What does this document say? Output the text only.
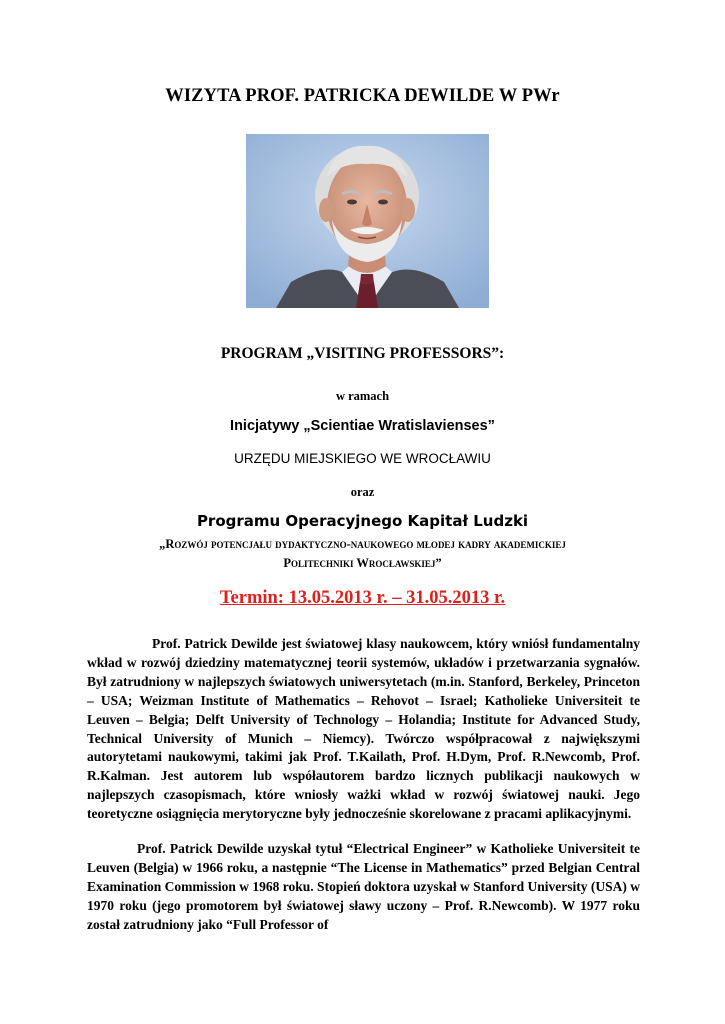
WIZYTA PROF. PATRICKA DEWILDE W PWr
PROGRAM „VISITING PROFESSORS”:
w ramach
Inicjatywy „Scientiae Wratislavienses”
URZĘDU MIEJSKIEGO WE WROCŁAWIU
oraz
Programu Operacyjnego Kapitał Ludzki
„Rozwój potencjału dydaktyczno-naukowego młodej kadry akademickiej
Politechniki Wrocławskiej”
Termin: 13.05.2013 r. – 31.05.2013 r.

Prof. Patrick Dewilde jest światowej klasy naukowcem, który wniósł fundamentalny wkład w rozwój dziedziny matematycznej teorii systemów, układów i przetwarzania sygnałów. Był zatrudniony w najlepszych światowych uniwersytetach (m.in. Stanford, Berkeley, Princeton – USA; Weizman Institute of Mathematics – Rehovot – Israel; Katholieke Universiteit te Leuven – Belgia; Delft University of Technology – Holandia; Institute for Advanced Study, Technical University of Munich – Niemcy). Twórczo współpracował z największymi autorytetami naukowymi, takimi jak Prof. T.Kailath, Prof. H.Dym, Prof. R.Newcomb, Prof. R.Kalman. Jest autorem lub współautorem bardzo licznych publikacji naukowych w najlepszych czasopismach, które wniosły ważki wkład w rozwój światowej nauki. Jego teoretyczne osiągnięcia merytoryczne były jednocześnie skorelowane z pracami aplikacyjnymi.

Prof. Patrick Dewilde uzyskał tytuł “Electrical Engineer” w Katholieke Universiteit te Leuven (Belgia) w 1966 roku, a następnie “The License in Mathematics” przed Belgian Central Examination Commission w 1968 roku. Stopień doktora uzyskał w Stanford University (USA) w 1970 roku (jego promotorem był światowej sławy uczony – Prof. R.Newcomb). W 1977 roku został zatrudniony jako “Full Professor of
